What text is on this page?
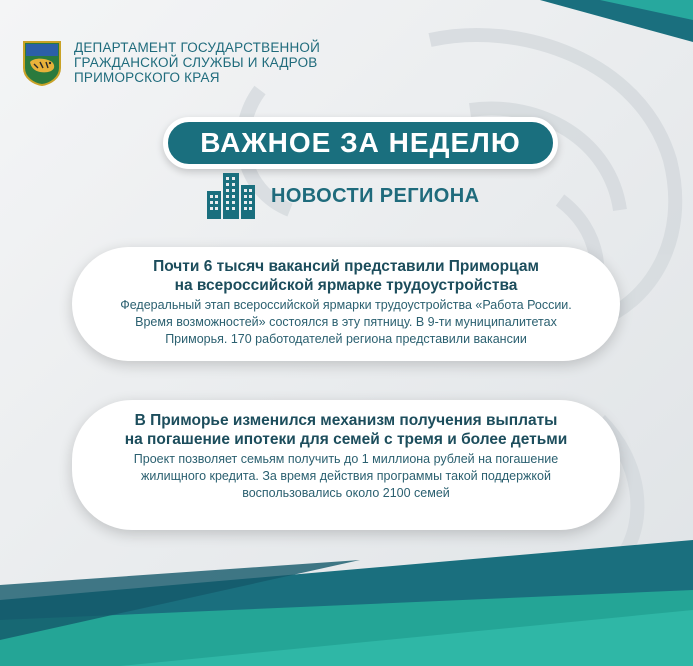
ДЕПАРТАМЕНТ ГОСУДАРСТВЕННОЙ
ГРАЖДАНСКОЙ СЛУЖБЫ И КАДРОВ
ПРИМОРСКОГО КРАЯ
ВАЖНОЕ ЗА НЕДЕЛЮ
НОВОСТИ РЕГИОНА
Почти 6 тысяч вакансий представили Приморцам
на всероссийской ярмарке трудоустройства
Федеральный этап всероссийской ярмарки трудоустройства «Работа России.
Время возможностей» состоялся в эту пятницу. В 9-ти муниципалитетах
Приморья. 170 работодателей региона представили вакансии
В Приморье изменился механизм получения выплаты
на погашение ипотеки для семей с тремя и более детьми
Проект позволяет семьям получить до 1 миллиона рублей на погашение
жилищного кредита. За время действия программы такой поддержкой
воспользовались около 2100 семей
